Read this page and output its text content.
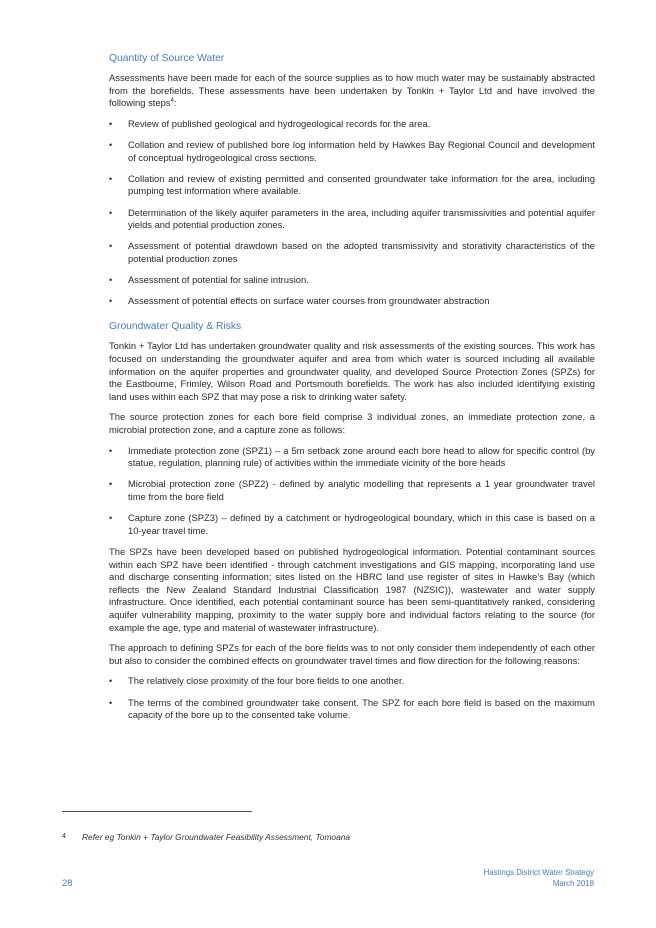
Quantity of Source Water

Assessments have been made for each of the source supplies as to how much water may be sustainably abstracted from the borefields. These assessments have been undertaken by Tonkin + Taylor Ltd and have involved the following steps$^4$:

•	Review of published geological and hydrogeological records for the area.
•	Collation and review of published bore log information held by Hawkes Bay Regional Council and development of conceptual hydrogeological cross sections.
•	Collation and review of existing permitted and consented groundwater take information for the area, including pumping test information where available.
•	Determination of the likely aquifer parameters in the area, including aquifer transmissivities and potential aquifer yields and potential production zones.
•	Assessment of potential drawdown based on the adopted transmissivity and storativity characteristics of the potential production zones
•	Assessment of potential for saline intrusion.
•	Assessment of potential effects on surface water courses from groundwater abstraction
Groundwater Quality & Risks

Tonkin + Taylor Ltd has undertaken groundwater quality and risk assessments of the existing sources. This work has focused on understanding the groundwater aquifer and area from which water is sourced including all available information on the aquifer properties and groundwater quality, and developed Source Protection Zones (SPZs) for the Eastbourne, Frimley, Wilson Road and Portsmouth borefields. The work has also included identifying existing land uses within each SPZ that may pose a risk to drinking water safety.

The source protection zones for each bore field comprise 3 individual zones, an immediate protection zone, a microbial protection zone, and a capture zone as follows:

•	Immediate protection zone (SPZ1) – a 5m setback zone around each bore head to allow for specific control (by statue, regulation, planning rule) of activities within the immediate vicinity of the bore heads
•	Microbial protection zone (SPZ2) - defined by analytic modelling that represents a 1 year groundwater travel time from the bore field
•	Capture zone (SPZ3) – defined by a catchment or hydrogeological boundary, which in this case is based on a 10-year travel time.

The SPZs have been developed based on published hydrogeological information. Potential contaminant sources within each SPZ have been identified - through catchment investigations and GIS mapping, incorporating land use and discharge consenting information; sites listed on the HBRC land use register of sites in Hawke’s Bay (which reflects the New Zealand Standard Industrial Classification 1987 (NZSIC)), wastewater and water supply infrastructure. Once identified, each potential contaminant source has been semi-quantitatively ranked, considering aquifer vulnerability mapping, proximity to the water supply bore and individual factors relating to the source (for example the age, type and material of wastewater infrastructure).

The approach to defining SPZs for each of the bore fields was to not only consider them independently of each other but also to consider the combined effects on groundwater travel times and flow direction for the following reasons:

•	The relatively close proximity of the four bore fields to one another.
•	The terms of the combined groundwater take consent. The SPZ for each bore field is based on the maximum capacity of the bore up to the consented take volume.
4 Refer eg Tonkin + Taylor Groundwater Feasibility Assessment, Tomoana
Hastings District Water Strategy
March 2018
28
